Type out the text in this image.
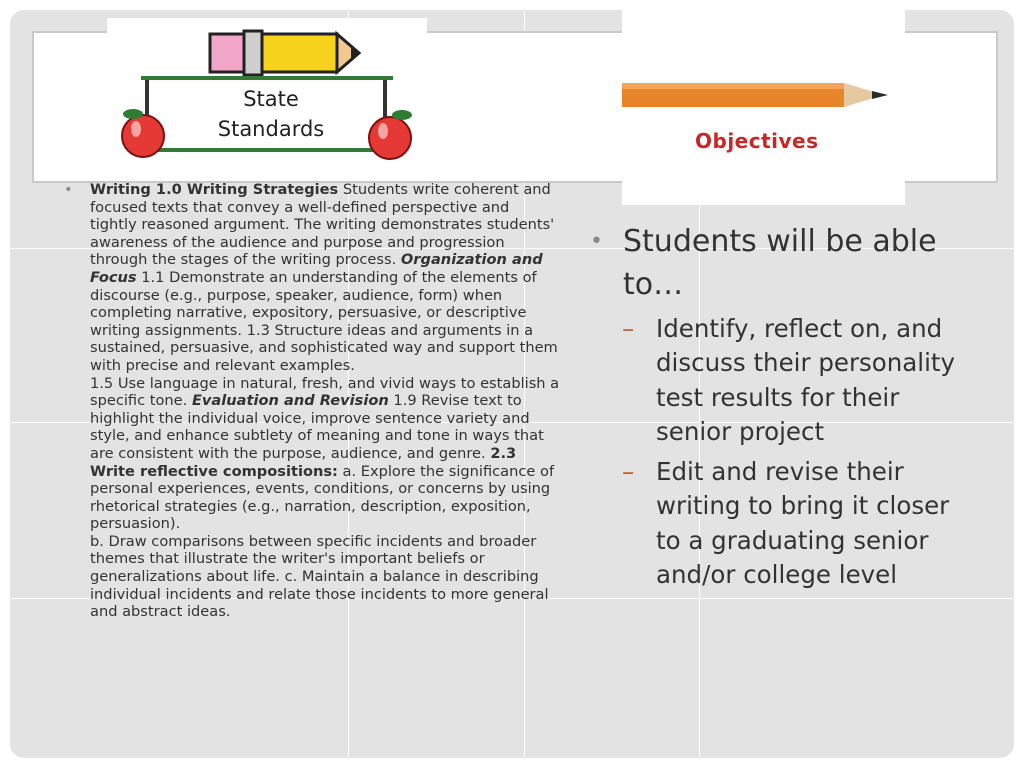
State
Standards	Objectives
• Writing 1.0 Writing Strategies Students write coherent and focused texts that convey a well-defined perspective and tightly reasoned argument. The writing demonstrates students' awareness of the audience and purpose and progression through the stages of the writing process. Organization and Focus 1.1 Demonstrate an understanding of the elements of discourse (e.g., purpose, speaker, audience, form) when completing narrative, expository, persuasive, or descriptive writing assignments. 1.3 Structure ideas and arguments in a sustained, persuasive, and sophisticated way and support them with precise and relevant examples.
1.5 Use language in natural, fresh, and vivid ways to establish a specific tone. Evaluation and Revision 1.9 Revise text to highlight the individual voice, improve sentence variety and style, and enhance subtlety of meaning and tone in ways that are consistent with the purpose, audience, and genre. 2.3 Write reflective compositions: a. Explore the significance of personal experiences, events, conditions, or concerns by using rhetorical strategies (e.g., narration, description, exposition, persuasion).
b. Draw comparisons between specific incidents and broader themes that illustrate the writer's important beliefs or generalizations about life. c. Maintain a balance in describing individual incidents and relate those incidents to more general and abstract ideas.
• Students will be able to…
– Identify, reflect on, and discuss their personality test results for their senior project
– Edit and revise their writing to bring it closer to a graduating senior and/or college level
